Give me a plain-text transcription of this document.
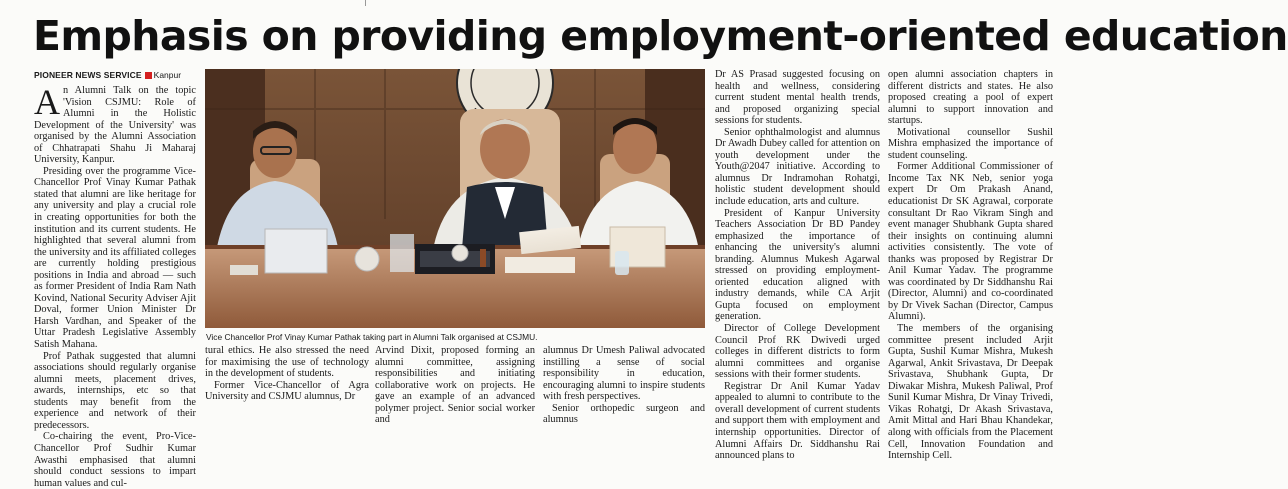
Emphasis on providing employment-oriented education
PIONEER NEWS SERVICE Kanpur

An Alumni Talk on the topic 'Vision CSJMU: Role of Alumni in the Holistic Development of the University' was organised by the Alumni Association of Chhatrapati Shahu Ji Maharaj University, Kanpur.

Presiding over the programme Vice-Chancellor Prof Vinay Kumar Pathak stated that alumni are like heritage for any university and play a crucial role in creating opportunities for both the institution and its current students. He highlighted that several alumni from the university and its affiliated colleges are currently holding prestigious positions in India and abroad — such as former President of India Ram Nath Kovind, National Security Adviser Ajit Doval, former Union Minister Dr Harsh Vardhan, and Speaker of the Uttar Pradesh Legislative Assembly Satish Mahana.

Prof Pathak suggested that alumni associations should regularly organise alumni meets, placement drives, awards, internships, etc so that students may benefit from the experience and network of their predecessors.

Co-chairing the event, Pro-Vice-Chancellor Prof Sudhir Kumar Awasthi emphasised that alumni should conduct sessions to impart human values and cul-

Vice Chancellor Prof Vinay Kumar Pathak taking part in Alumni Talk organised at CSJMU.

tural ethics. He also stressed the need for maximising the use of technology in the development of students.

Former Vice-Chancellor of Agra University and CSJMU alumnus, Dr

Arvind Dixit, proposed forming an alumni committee, assigning responsibilities and initiating collaborative work on projects. He gave an example of an advanced polymer project. Senior social worker and

alumnus Dr Umesh Paliwal advocated instilling a sense of social responsibility in education, encouraging alumni to inspire students with fresh perspectives.

Senior orthopedic surgeon and alumnus

Dr AS Prasad suggested focusing on health and wellness, considering current student mental health trends, and proposed organizing special sessions for students.

Senior ophthalmologist and alumnus Dr Awadh Dubey called for attention on youth development under the Youth@2047 initiative. According to alumnus Dr Indramohan Rohatgi, holistic student development should include education, arts and culture.

President of Kanpur University Teachers Association Dr BD Pandey emphasized the importance of enhancing the university's alumni branding. Alumnus Mukesh Agarwal stressed on providing employment-oriented education aligned with industry demands, while CA Arjit Gupta focused on employment generation.

Director of College Development Council Prof RK Dwivedi urged colleges in different districts to form alumni committees and organise sessions with their former students.

Registrar Dr Anil Kumar Yadav appealed to alumni to contribute to the overall development of current students and support them with employment and internship opportunities. Director of Alumni Affairs Dr. Siddhanshu Rai announced plans to

open alumni association chapters in different districts and states. He also proposed creating a pool of expert alumni to support innovation and startups.

Motivational counsellor Sushil Mishra emphasized the importance of student counseling.

Former Additional Commissioner of Income Tax NK Neb, senior yoga expert Dr Om Prakash Anand, educationist Dr SK Agrawal, corporate consultant Dr Rao Vikram Singh and event manager Shubhank Gupta shared their insights on continuing alumni activities consistently. The vote of thanks was proposed by Registrar Dr Anil Kumar Yadav. The programme was coordinated by Dr Siddhanshu Rai (Director, Alumni) and co-coordinated by Dr Vivek Sachan (Director, Campus Alumni).

The members of the organising committee present included Arjit Gupta, Sushil Kumar Mishra, Mukesh Agarwal, Ankit Srivastava, Dr Deepak Srivastava, Shubhank Gupta, Dr Diwakar Mishra, Mukesh Paliwal, Prof Sunil Kumar Mishra, Dr Vinay Trivedi, Vikas Rohatgi, Dr Akash Srivastava, Amit Mittal and Hari Bhau Khandekar, along with officials from the Placement Cell, Innovation Foundation and Internship Cell.
